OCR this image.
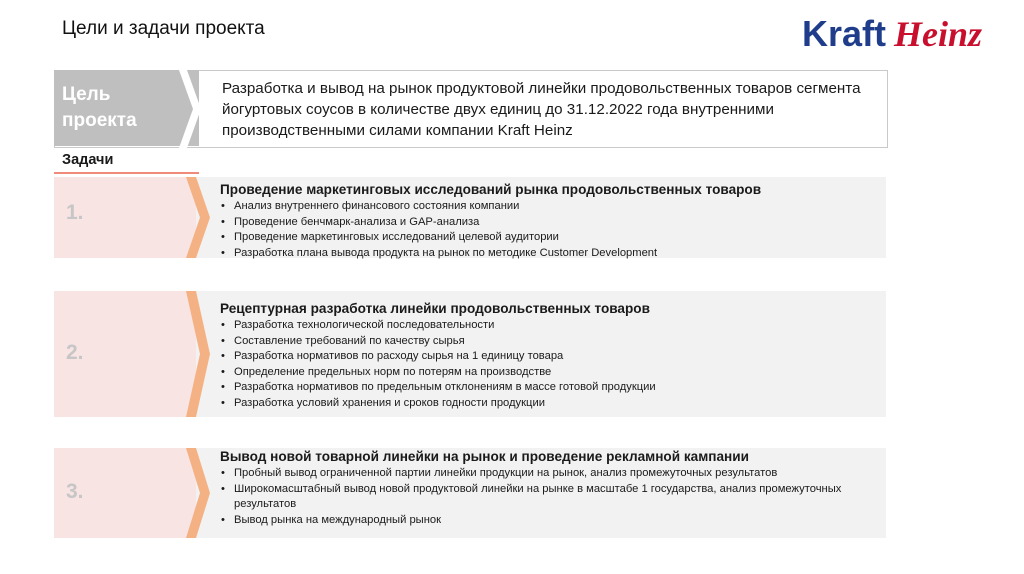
Цели и задачи проекта	Kraft Heinz
Цель проекта
Разработка и вывод на рынок продуктовой линейки продовольственных товаров сегмента йогуртовых соусов в количестве двух единиц до 31.12.2022 года внутренними производственными силами компании Kraft Heinz
Задачи
1.
Проведение маркетинговых исследований рынка продовольственных товаров
• Анализ внутреннего финансового состояния компании
• Проведение бенчмарк-анализа и GAP-анализа
• Проведение маркетинговых исследований целевой аудитории
• Разработка плана вывода продукта на рынок по методике Customer Development
2.
Рецептурная разработка линейки продовольственных товаров
• Разработка технологической последовательности
• Составление требований по качеству сырья
• Разработка нормативов по расходу сырья на 1 единицу товара
• Определение предельных норм по потерям на производстве
• Разработка нормативов по предельным отклонениям в массе готовой продукции
• Разработка условий хранения и сроков годности продукции
3.
Вывод новой товарной линейки на рынок и проведение рекламной кампании
• Пробный вывод ограниченной партии линейки продукции на рынок, анализ промежуточных результатов
• Широкомасштабный вывод новой продуктовой линейки на рынке в масштабе 1 государства, анализ промежуточных результатов
• Вывод рынка на международный рынок
